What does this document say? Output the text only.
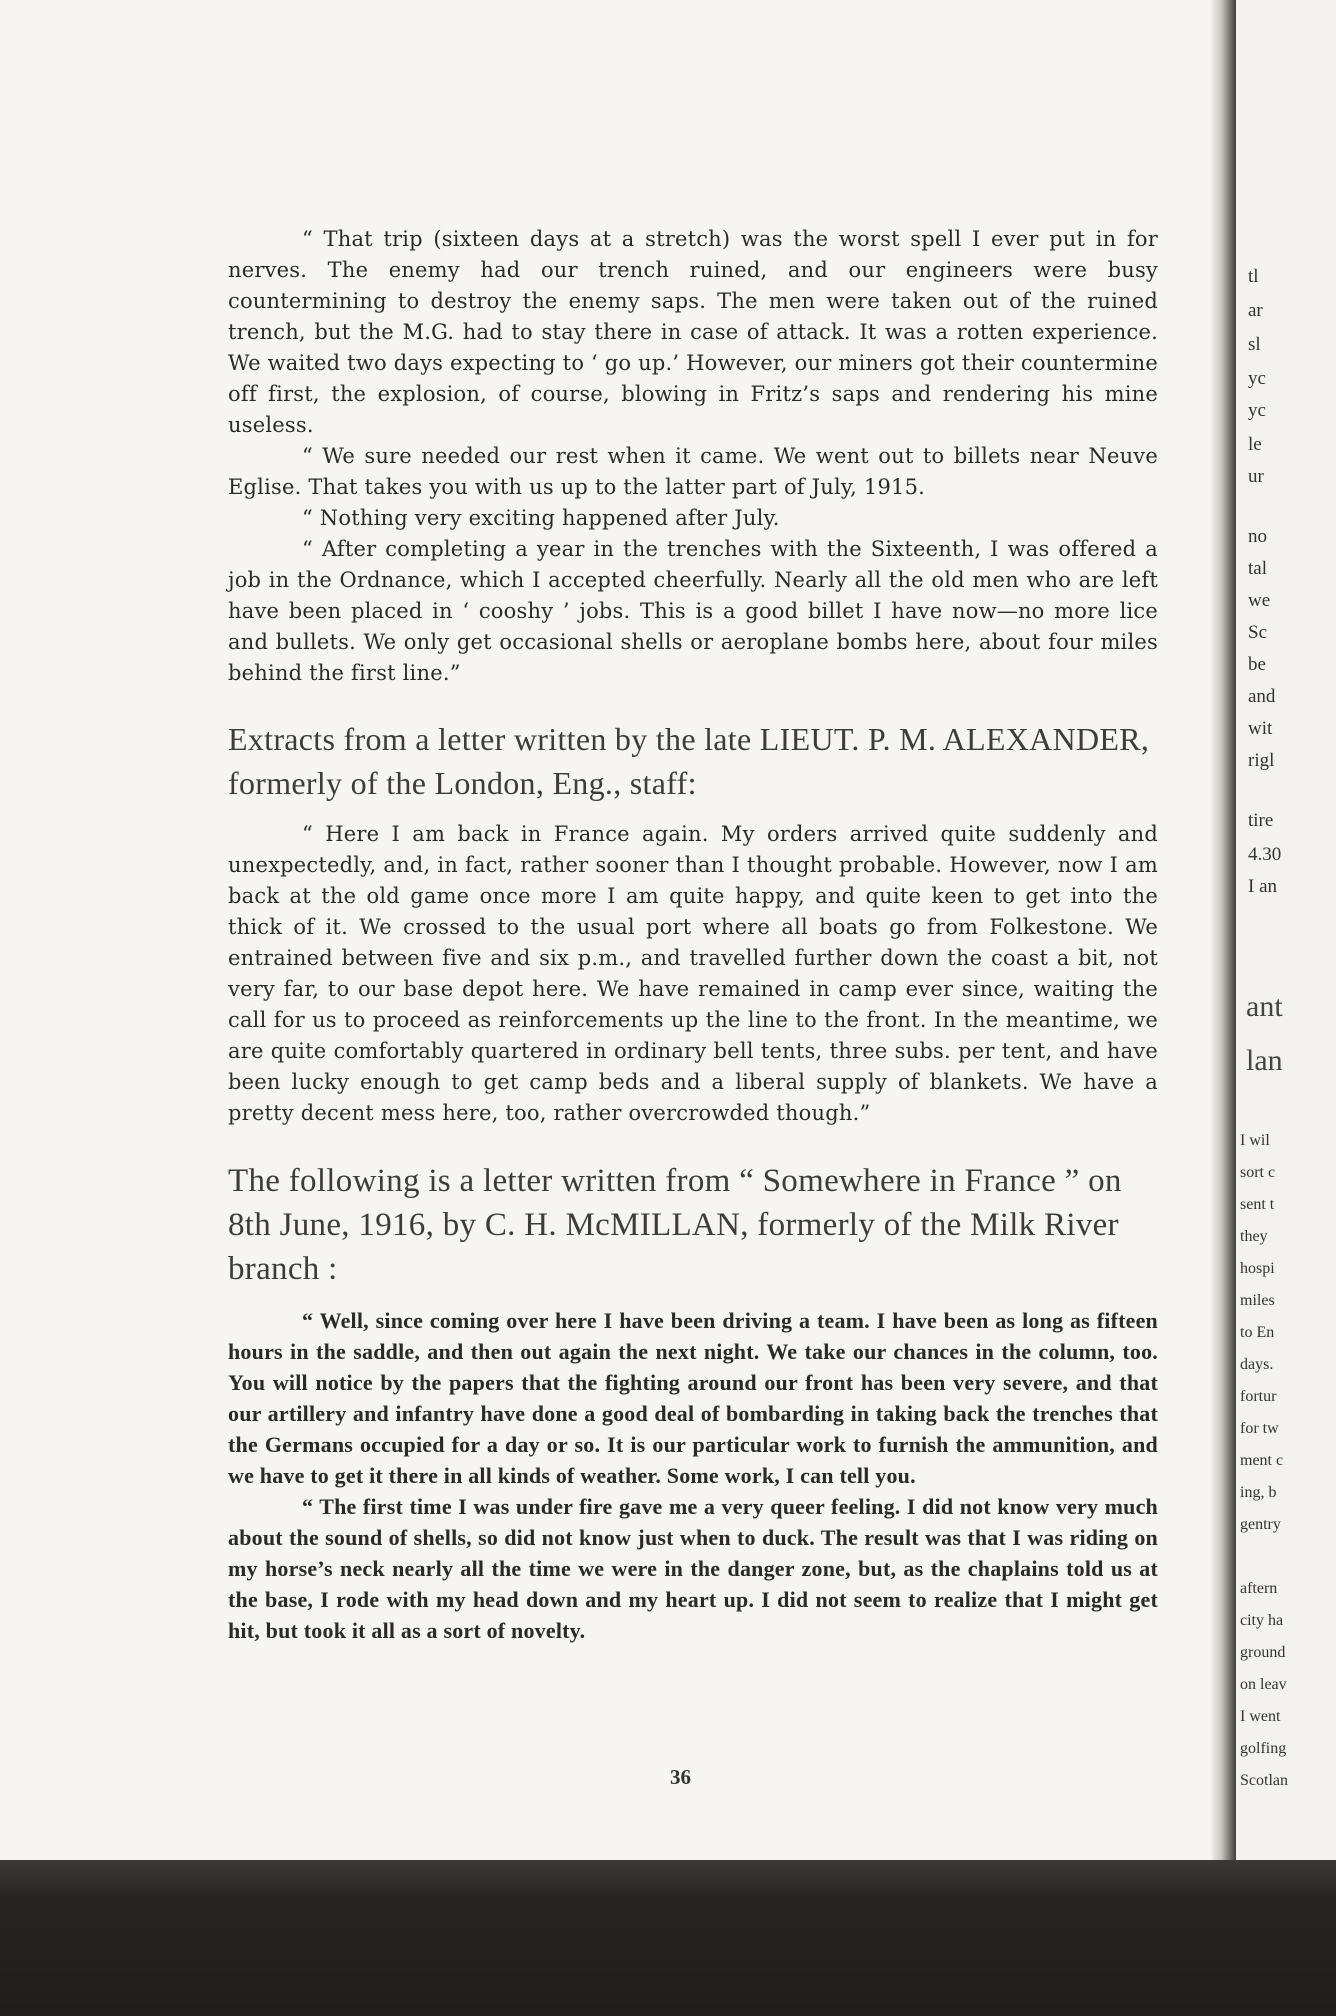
“ That trip (sixteen days at a stretch) was the worst spell I ever put in for nerves. The enemy had our trench ruined, and our engineers were busy countermining to destroy the enemy saps. The men were taken out of the ruined trench, but the M.G. had to stay there in case of attack. It was a rotten experience. We waited two days expecting to ‘ go up.’ However, our miners got their countermine off first, the explosion, of course, blowing in Fritz’s saps and rendering his mine useless.

“ We sure needed our rest when it came. We went out to billets near Neuve Eglise. That takes you with us up to the latter part of July, 1915.

“ Nothing very exciting happened after July.

“ After completing a year in the trenches with the Sixteenth, I was offered a job in the Ordnance, which I accepted cheerfully. Nearly all the old men who are left have been placed in ‘ cooshy ’ jobs. This is a good billet I have now—no more lice and bullets. We only get occasional shells or aeroplane bombs here, about four miles behind the first line.”

Extracts from a letter written by the late LIEUT. P. M. ALEXANDER, formerly of the London, Eng., staff:

“ Here I am back in France again. My orders arrived quite suddenly and unexpectedly, and, in fact, rather sooner than I thought probable. However, now I am back at the old game once more I am quite happy, and quite keen to get into the thick of it. We crossed to the usual port where all boats go from Folkestone. We entrained between five and six p.m., and travelled further down the coast a bit, not very far, to our base depot here. We have remained in camp ever since, waiting the call for us to proceed as reinforcements up the line to the front. In the meantime, we are quite comfortably quartered in ordinary bell tents, three subs. per tent, and have been lucky enough to get camp beds and a liberal supply of blankets. We have a pretty decent mess here, too, rather overcrowded though.”

The following is a letter written from “ Somewhere in France ” on 8th June, 1916, by C. H. McMILLAN, formerly of the Milk River branch :

“ Well, since coming over here I have been driving a team. I have been as long as fifteen hours in the saddle, and then out again the next night. We take our chances in the column, too. You will notice by the papers that the fighting around our front has been very severe, and that our artillery and infantry have done a good deal of bombarding in taking back the trenches that the Germans occupied for a day or so. It is our particular work to furnish the ammunition, and we have to get it there in all kinds of weather. Some work, I can tell you.

“ The first time I was under fire gave me a very queer feeling. I did not know very much about the sound of shells, so did not know just when to duck. The result was that I was riding on my horse’s neck nearly all the time we were in the danger zone, but, as the chaplains told us at the base, I rode with my head down and my heart up. I did not seem to realize that I might get hit, but took it all as a sort of novelty.

36
tl
ar
sl
yc
yc
le
ur
no
tal
we
Sc
be
and
wit
rigl
tire
4.30
I an
ant
lan
I wil
sort c
sent t
they
hospi
miles
to En
days.
fortur
for tw
ment c
ing, b
gentry
aftern
city ha
ground
on leav
I went
golfing
Scotlan
